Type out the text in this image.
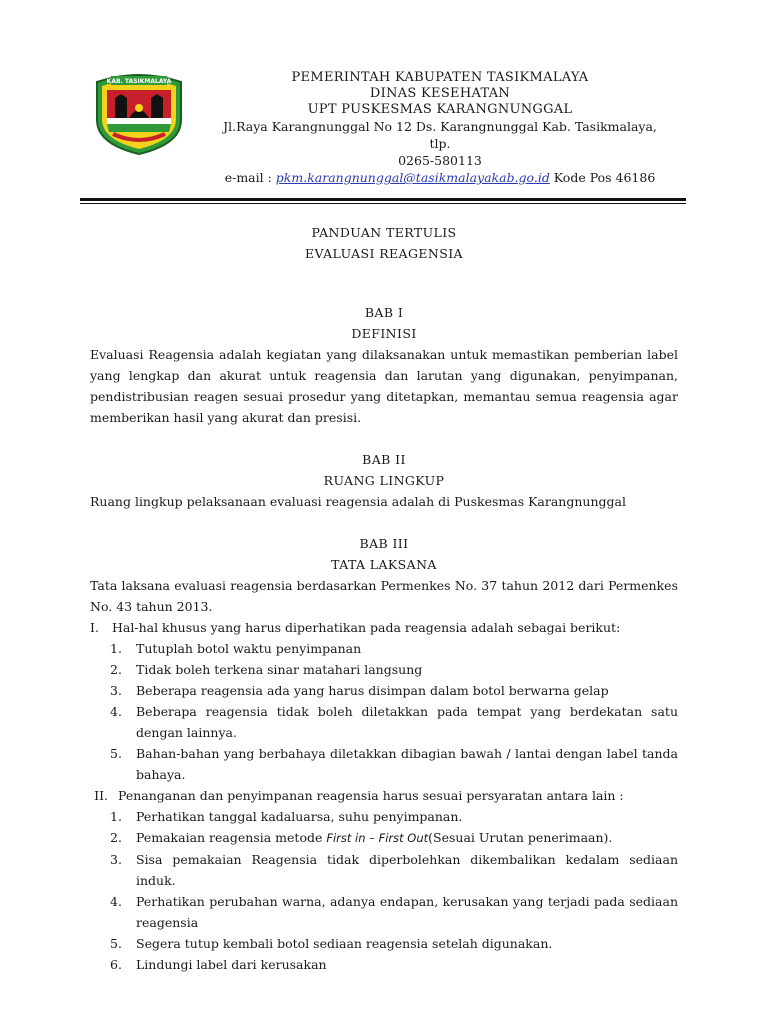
KAB. TASIKMALAYA	PEMERINTAH KABUPATEN TASIKMALAYA
DINAS KESEHATAN
UPT PUSKESMAS KARANGNUNGGAL
Jl.Raya Karangnunggal No 12 Ds. Karangnunggal Kab. Tasikmalaya, tlp.
0265-580113
e-mail : pkm.karangnunggal@tasikmalayakab.go.id Kode Pos 46186
PANDUAN TERTULIS
EVALUASI REAGENSIA
BAB I
DEFINISI
Evaluasi Reagensia adalah kegiatan yang dilaksanakan untuk memastikan pemberian label yang lengkap dan akurat untuk reagensia dan larutan yang digunakan, penyimpanan, pendistribusian reagen sesuai prosedur yang ditetapkan, memantau semua reagensia agar memberikan hasil yang akurat dan presisi.
BAB II
RUANG LINGKUP
Ruang lingkup pelaksanaan evaluasi reagensia adalah di Puskesmas Karangnunggal
BAB III
TATA LAKSANA
Tata laksana evaluasi reagensia berdasarkan Permenkes No. 37 tahun 2012 dari Permenkes No. 43 tahun 2013.
I.	Hal-hal khusus yang harus diperhatikan pada reagensia adalah sebagai berikut:
1.	Tutuplah botol waktu penyimpanan
2.	Tidak boleh terkena sinar matahari langsung
3.	Beberapa reagensia ada yang harus disimpan dalam botol berwarna gelap
4.	Beberapa reagensia tidak boleh diletakkan pada tempat yang berdekatan satu dengan lainnya.
5.	Bahan-bahan yang berbahaya diletakkan dibagian bawah / lantai dengan label tanda bahaya.
II. Penanganan dan penyimpanan reagensia harus sesuai persyaratan antara lain :
1.	Perhatikan tanggal kadaluarsa, suhu penyimpanan.
2.	Pemakaian reagensia metode First in – First Out(Sesuai Urutan penerimaan).
3.	Sisa pemakaian Reagensia tidak diperbolehkan dikembalikan kedalam sediaan induk.
4.	Perhatikan perubahan warna, adanya endapan, kerusakan yang terjadi pada sediaan reagensia
5.	Segera tutup kembali botol sediaan reagensia setelah digunakan.
6.	Lindungi label dari kerusakan
